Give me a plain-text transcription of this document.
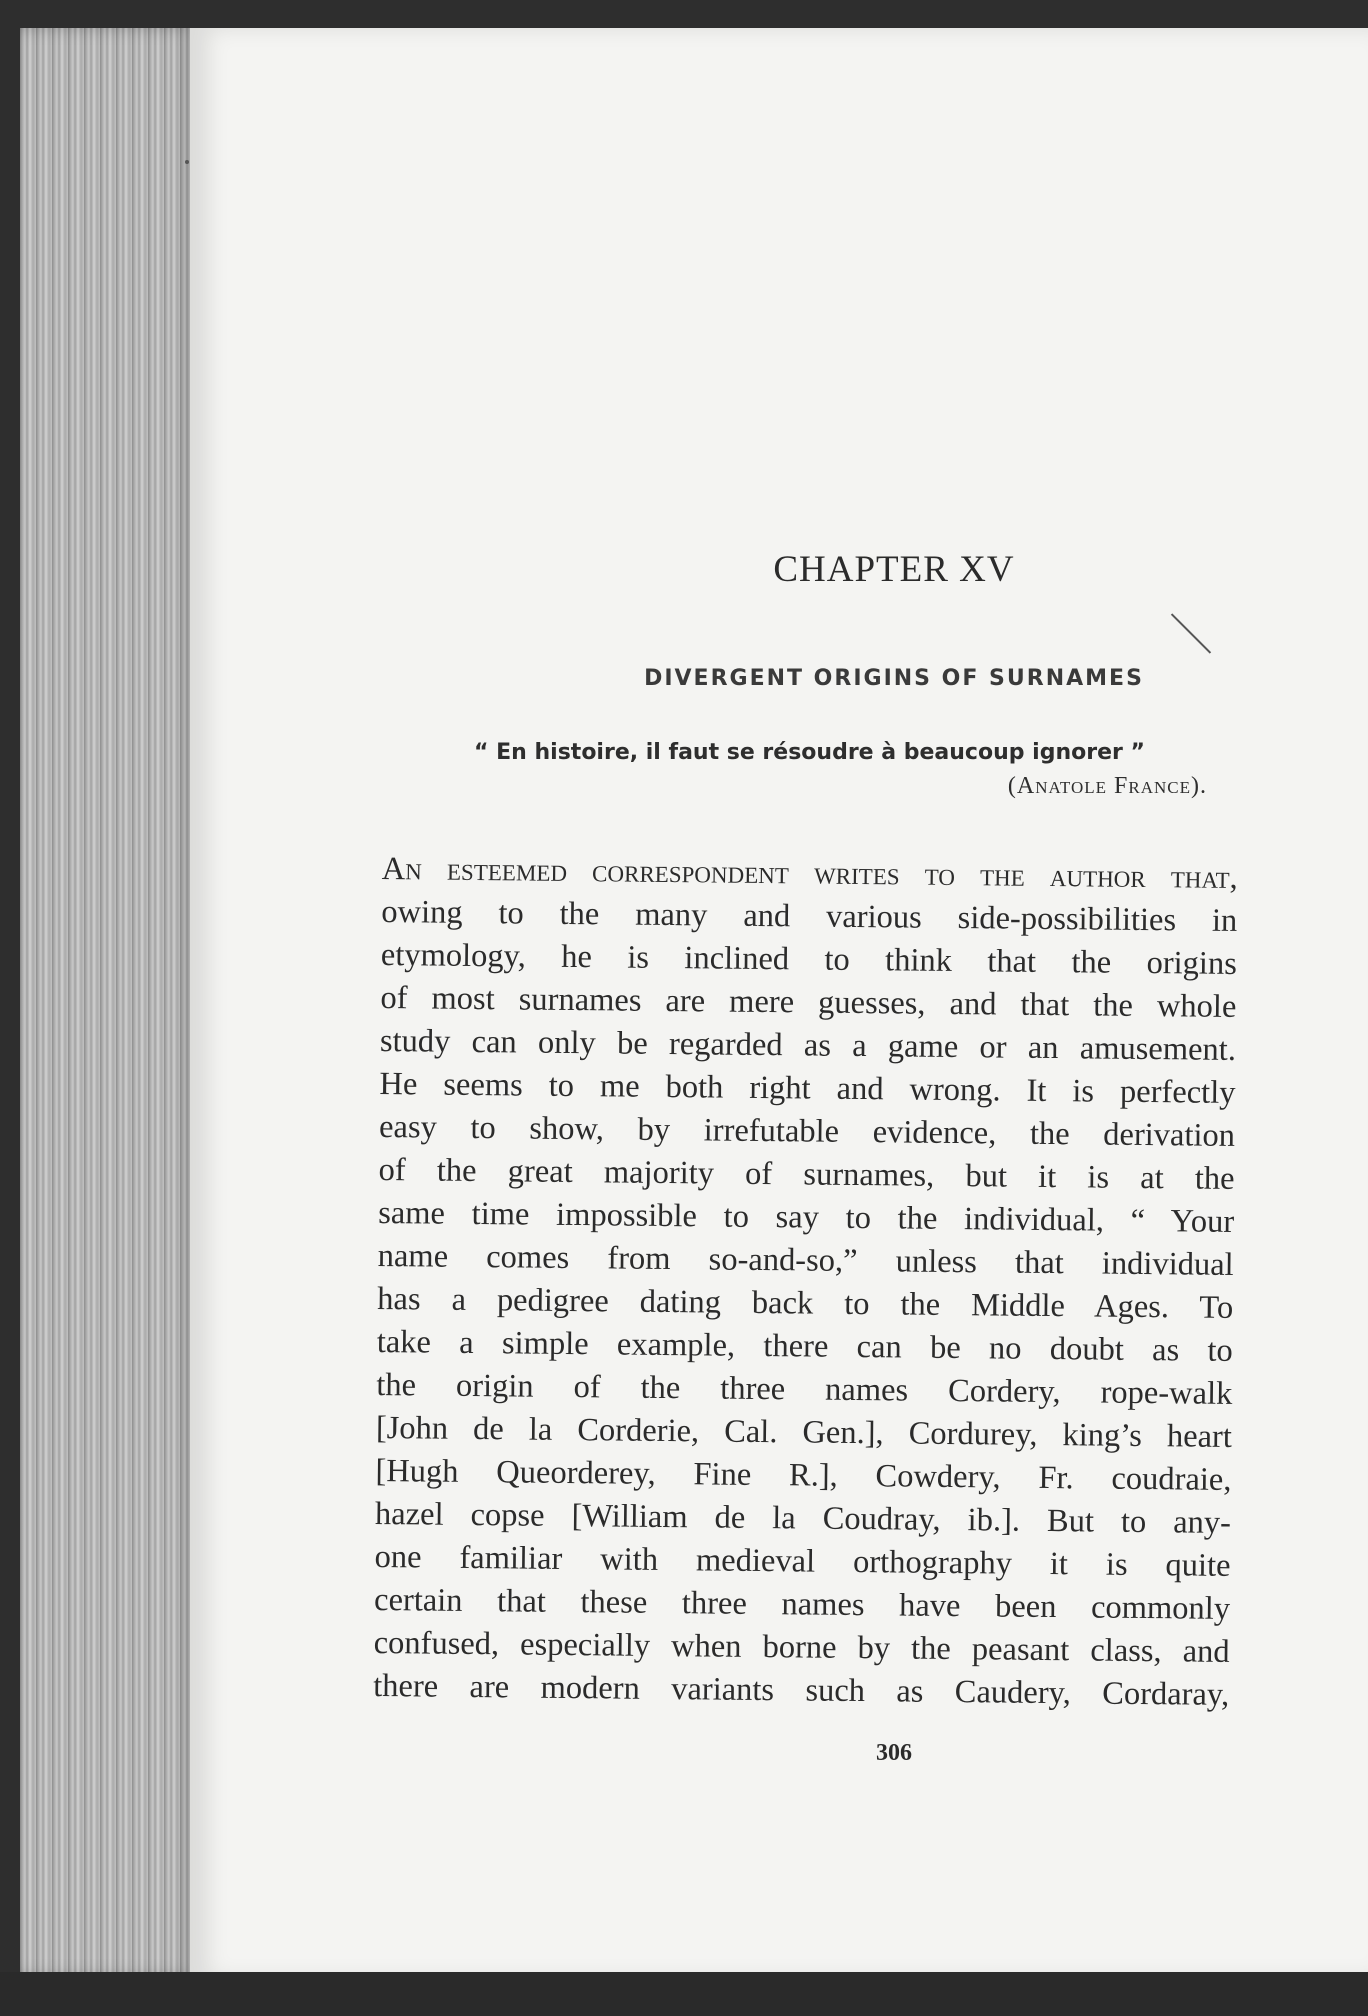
CHAPTER XV
DIVERGENT ORIGINS OF SURNAMES
“ En histoire, il faut se résoudre à beaucoup ignorer ”
(Anatole France).
An esteemed correspondent writes to the author that,
owing to the many and various side-possibilities in
etymology, he is inclined to think that the origins
of most surnames are mere guesses, and that the whole
study can only be regarded as a game or an amusement.
He seems to me both right and wrong. It is perfectly
easy to show, by irrefutable evidence, the derivation
of the great majority of surnames, but it is at the
same time impossible to say to the individual, “ Your
name comes from so-and-so,” unless that individual
has a pedigree dating back to the Middle Ages. To
take a simple example, there can be no doubt as to
the origin of the three names Cordery, rope-walk
[John de la Corderie, Cal. Gen.], Cordurey, king’s heart
[Hugh Queorderey, Fine R.], Cowdery, Fr. coudraie,
hazel copse [William de la Coudray, ib.]. But to any-
one familiar with medieval orthography it is quite
certain that these three names have been commonly
confused, especially when borne by the peasant class, and
there are modern variants such as Caudery, Cordaray,
306
